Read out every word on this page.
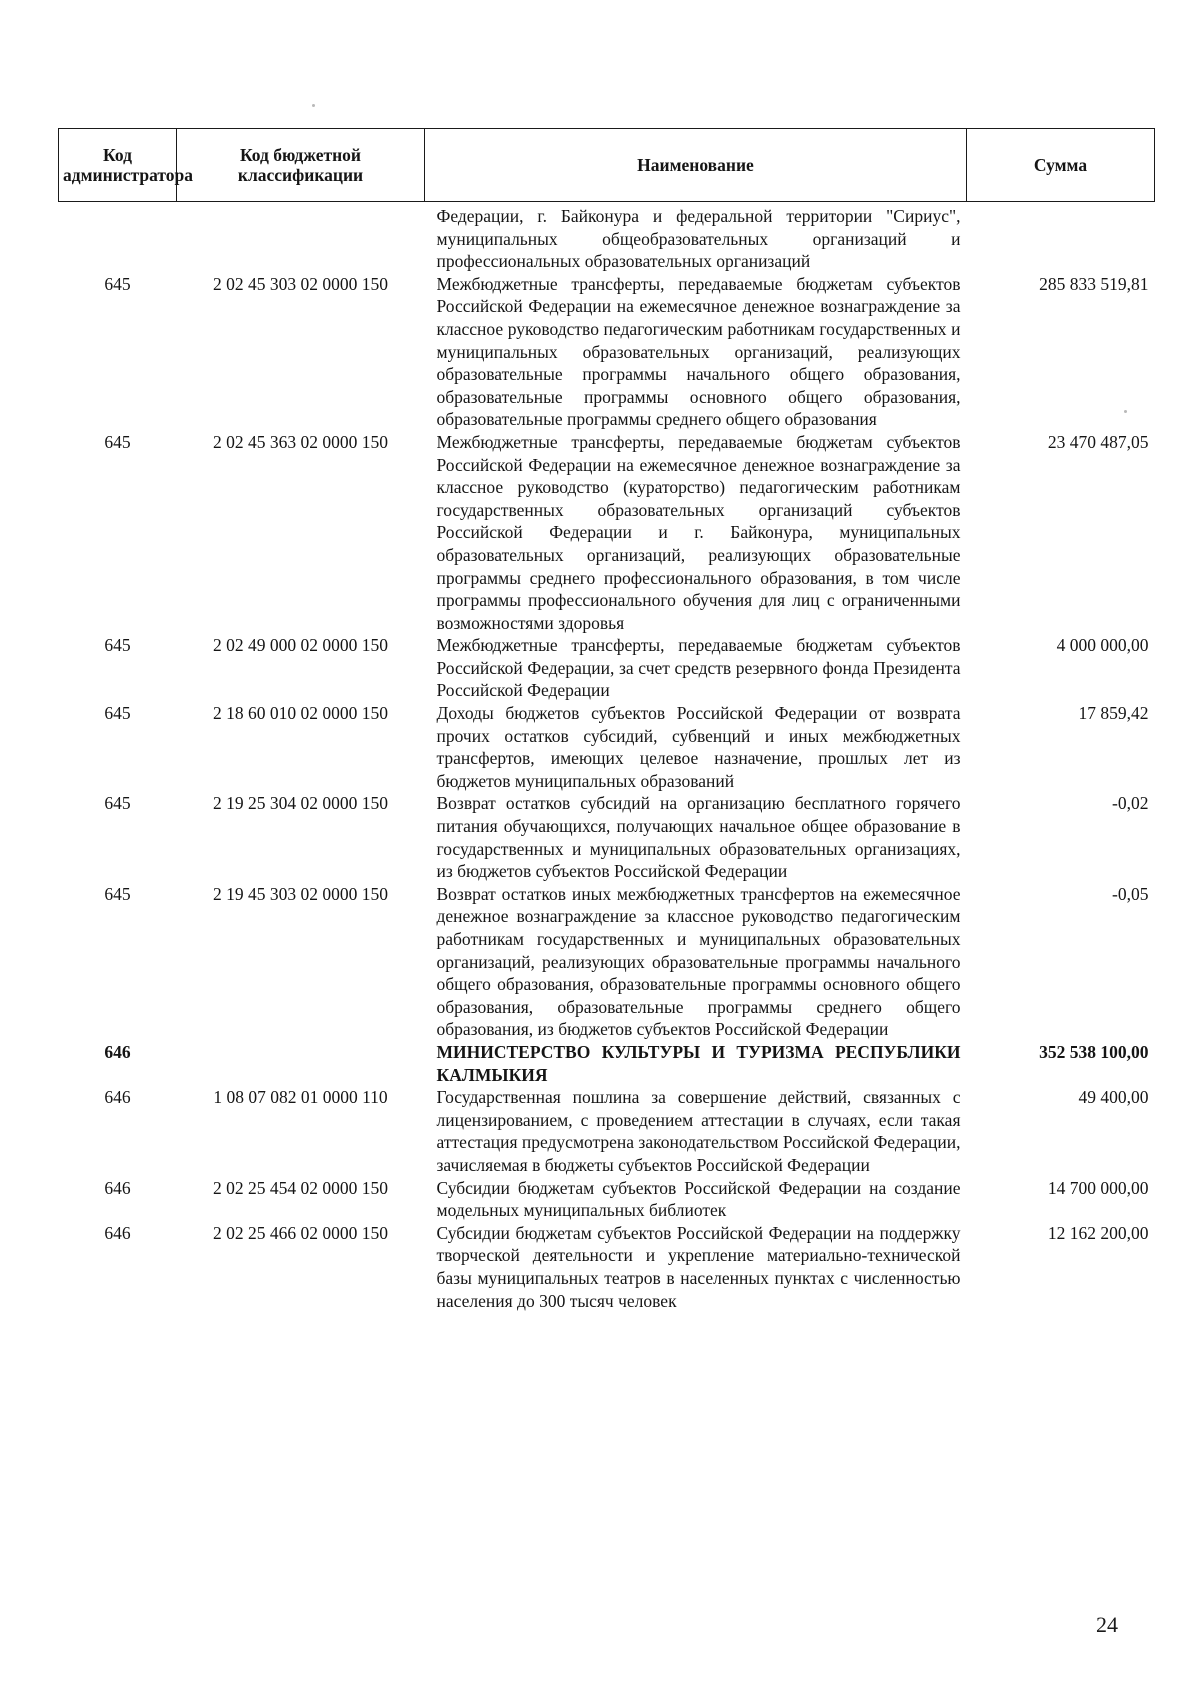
Код администратора	Код бюджетной классификации	Наименование	Сумма
		Федерации, г. Байконура и федеральной территории "Сириус", муниципальных общеобразовательных организаций и профессиональных образовательных организаций	
645	2 02 45 303 02 0000 150	Межбюджетные трансферты, передаваемые бюджетам субъектов Российской Федерации на ежемесячное денежное вознаграждение за классное руководство педагогическим работникам государственных и муниципальных образовательных организаций, реализующих образовательные программы начального общего образования, образовательные программы основного общего образования, образовательные программы среднего общего образования	285 833 519,81
645	2 02 45 363 02 0000 150	Межбюджетные трансферты, передаваемые бюджетам субъектов Российской Федерации на ежемесячное денежное вознаграждение за классное руководство (кураторство) педагогическим работникам государственных образовательных организаций субъектов Российской Федерации и г. Байконура, муниципальных образовательных организаций, реализующих образовательные программы среднего профессионального образования, в том числе программы профессионального обучения для лиц с ограниченными возможностями здоровья	23 470 487,05
645	2 02 49 000 02 0000 150	Межбюджетные трансферты, передаваемые бюджетам субъектов Российской Федерации, за счет средств резервного фонда Президента Российской Федерации	4 000 000,00
645	2 18 60 010 02 0000 150	Доходы бюджетов субъектов Российской Федерации от возврата прочих остатков субсидий, субвенций и иных межбюджетных трансфертов, имеющих целевое назначение, прошлых лет из бюджетов муниципальных образований	17 859,42
645	2 19 25 304 02 0000 150	Возврат остатков субсидий на организацию бесплатного горячего питания обучающихся, получающих начальное общее образование в государственных и муниципальных образовательных организациях, из бюджетов субъектов Российской Федерации	-0,02
645	2 19 45 303 02 0000 150	Возврат остатков иных межбюджетных трансфертов на ежемесячное денежное вознаграждение за классное руководство педагогическим работникам государственных и муниципальных образовательных организаций, реализующих образовательные программы начального общего образования, образовательные программы основного общего образования, образовательные программы среднего общего образования, из бюджетов субъектов Российской Федерации	-0,05
646		МИНИСТЕРСТВО КУЛЬТУРЫ И ТУРИЗМА РЕСПУБЛИКИ КАЛМЫКИЯ	352 538 100,00
646	1 08 07 082 01 0000 110	Государственная пошлина за совершение действий, связанных с лицензированием, с проведением аттестации в случаях, если такая аттестация предусмотрена законодательством Российской Федерации, зачисляемая в бюджеты субъектов Российской Федерации	49 400,00
646	2 02 25 454 02 0000 150	Субсидии бюджетам субъектов Российской Федерации на создание модельных муниципальных библиотек	14 700 000,00
646	2 02 25 466 02 0000 150	Субсидии бюджетам субъектов Российской Федерации на поддержку творческой деятельности и укрепление материально-технической базы муниципальных театров в населенных пунктах с численностью населения до 300 тысяч человек	12 162 200,00
24
